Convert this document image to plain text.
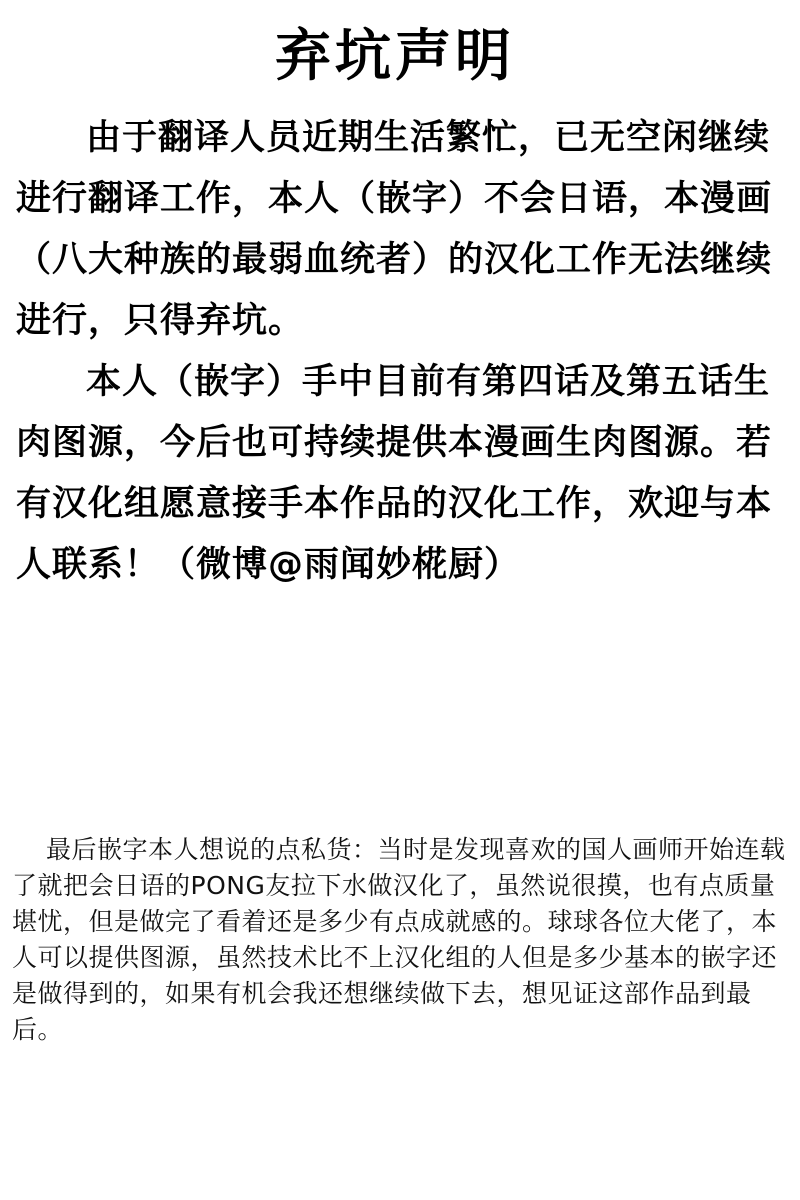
弃坑声明

由于翻译人员近期生活繁忙，已无空闲继续进行翻译工作，本人（嵌字）不会日语，本漫画（八大种族的最弱血统者）的汉化工作无法继续进行，只得弃坑。

本人（嵌字）手中目前有第四话及第五话生肉图源，今后也可持续提供本漫画生肉图源。若有汉化组愿意接手本作品的汉化工作，欢迎与本人联系！（微博@雨闻妙椛厨）

最后嵌字本人想说的点私货：当时是发现喜欢的国人画师开始连载了就把会日语的PONG友拉下水做汉化了，虽然说很摸，也有点质量堪忧，但是做完了看着还是多少有点成就感的。球球各位大佬了，本人可以提供图源，虽然技术比不上汉化组的人但是多少基本的嵌字还是做得到的，如果有机会我还想继续做下去，想见证这部作品到最后。
